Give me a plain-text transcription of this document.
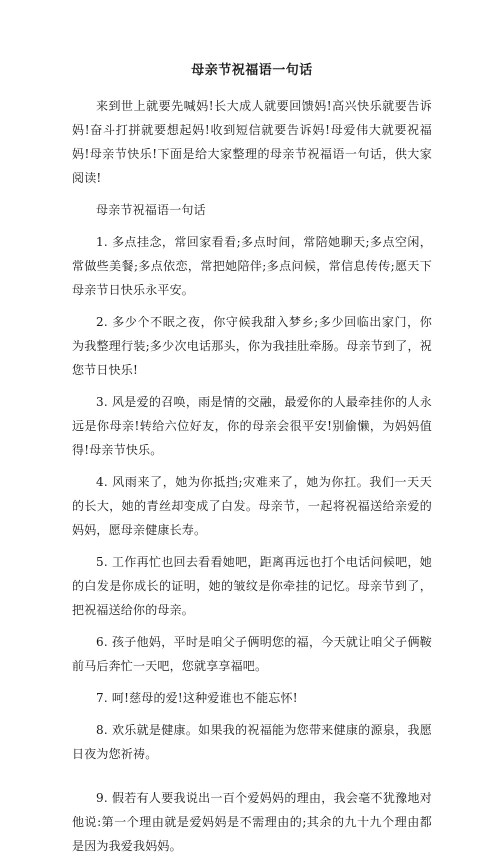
母亲节祝福语一句话

来到世上就要先喊妈!长大成人就要回馈妈!高兴快乐就要告诉妈!奋斗打拼就要想起妈!收到短信就要告诉妈!母爱伟大就要祝福妈!母亲节快乐!下面是给大家整理的母亲节祝福语一句话，供大家阅读!

母亲节祝福语一句话

1. 多点挂念，常回家看看;多点时间，常陪她聊天;多点空闲，常做些美餐;多点依恋，常把她陪伴;多点问候，常信息传传;愿天下母亲节日快乐永平安。

2. 多少个不眠之夜，你守候我甜入梦乡;多少回临出家门，你为我整理行装;多少次电话那头，你为我挂肚牵肠。母亲节到了，祝您节日快乐!

3. 风是爱的召唤，雨是情的交融，最爱你的人最牵挂你的人永远是你母亲!转给六位好友，你的母亲会很平安!别偷懒，为妈妈值得!母亲节快乐。

4. 风雨来了，她为你抵挡;灾难来了，她为你扛。我们一天天的长大，她的青丝却变成了白发。母亲节，一起将祝福送给亲爱的妈妈，愿母亲健康长寿。

5. 工作再忙也回去看看她吧，距离再远也打个电话问候吧，她的白发是你成长的证明，她的皱纹是你牵挂的记忆。母亲节到了，把祝福送给你的母亲。

6. 孩子他妈，平时是咱父子俩明您的福，今天就让咱父子俩鞍前马后奔忙一天吧，您就享享福吧。

7. 呵!慈母的爱!这种爱谁也不能忘怀!

8. 欢乐就是健康。如果我的祝福能为您带来健康的源泉，我愿日夜为您祈祷。

9. 假若有人要我说出一百个爱妈妈的理由，我会毫不犹豫地对他说:第一个理由就是爱妈妈是不需理由的;其余的九十九个理由都是因为我爱我妈妈。
